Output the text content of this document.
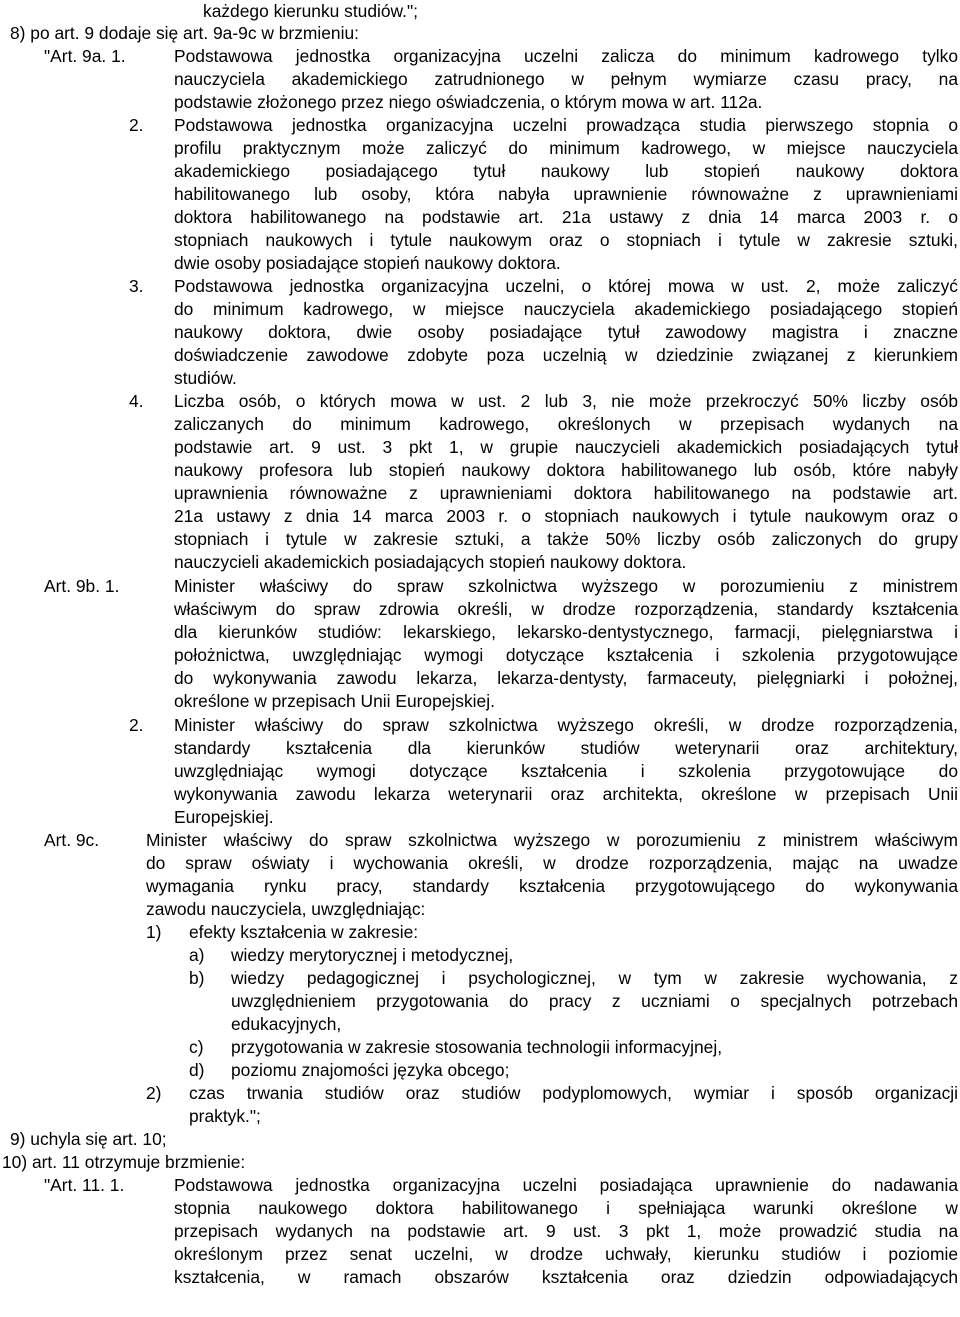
każdego kierunku studiów.";
8) po art. 9 dodaje się art. 9a-9c w brzmieniu:
"Art. 9a. 1.	Podstawowa jednostka organizacyjna uczelni zalicza do minimum kadrowego tylko
nauczyciela akademickiego zatrudnionego w pełnym wymiarze czasu pracy, na
podstawie złożonego przez niego oświadczenia, o którym mowa w art. 112a.
2. Podstawowa jednostka organizacyjna uczelni prowadząca studia pierwszego stopnia o
profilu praktycznym może zaliczyć do minimum kadrowego, w miejsce nauczyciela
akademickiego posiadającego tytuł naukowy lub stopień naukowy doktora
habilitowanego lub osoby, która nabyła uprawnienie równoważne z uprawnieniami
doktora habilitowanego na podstawie art. 21a ustawy z dnia 14 marca 2003 r. o
stopniach naukowych i tytule naukowym oraz o stopniach i tytule w zakresie sztuki,
dwie osoby posiadające stopień naukowy doktora.
3. Podstawowa jednostka organizacyjna uczelni, o której mowa w ust. 2, może zaliczyć
do minimum kadrowego, w miejsce nauczyciela akademickiego posiadającego stopień
naukowy doktora, dwie osoby posiadające tytuł zawodowy magistra i znaczne
doświadczenie zawodowe zdobyte poza uczelnią w dziedzinie związanej z kierunkiem
studiów.
4. Liczba osób, o których mowa w ust. 2 lub 3, nie może przekroczyć 50% liczby osób
zaliczanych do minimum kadrowego, określonych w przepisach wydanych na
podstawie art. 9 ust. 3 pkt 1, w grupie nauczycieli akademickich posiadających tytuł
naukowy profesora lub stopień naukowy doktora habilitowanego lub osób, które nabyły
uprawnienia równoważne z uprawnieniami doktora habilitowanego na podstawie art.
21a ustawy z dnia 14 marca 2003 r. o stopniach naukowych i tytule naukowym oraz o
stopniach i tytule w zakresie sztuki, a także 50% liczby osób zaliczonych do grupy
nauczycieli akademickich posiadających stopień naukowy doktora.
Art. 9b. 1.	Minister właściwy do spraw szkolnictwa wyższego w porozumieniu z ministrem
właściwym do spraw zdrowia określi, w drodze rozporządzenia, standardy kształcenia
dla kierunków studiów: lekarskiego, lekarsko-dentystycznego, farmacji, pielęgniarstwa i
położnictwa, uwzględniając wymogi dotyczące kształcenia i szkolenia przygotowujące
do wykonywania zawodu lekarza, lekarza-dentysty, farmaceuty, pielęgniarki i położnej,
określone w przepisach Unii Europejskiej.
2. Minister właściwy do spraw szkolnictwa wyższego określi, w drodze rozporządzenia,
standardy kształcenia dla kierunków studiów weterynarii oraz architektury,
uwzględniając wymogi dotyczące kształcenia i szkolenia przygotowujące do
wykonywania zawodu lekarza weterynarii oraz architekta, określone w przepisach Unii
Europejskiej.
Art. 9c.	Minister właściwy do spraw szkolnictwa wyższego w porozumieniu z ministrem właściwym
do spraw oświaty i wychowania określi, w drodze rozporządzenia, mając na uwadze
wymagania rynku pracy, standardy kształcenia przygotowującego do wykonywania
zawodu nauczyciela, uwzględniając:
1) efekty kształcenia w zakresie:
a) wiedzy merytorycznej i metodycznej,
b) wiedzy pedagogicznej i psychologicznej, w tym w zakresie wychowania, z
uwzględnieniem przygotowania do pracy z uczniami o specjalnych potrzebach
edukacyjnych,
c) przygotowania w zakresie stosowania technologii informacyjnej,
d) poziomu znajomości języka obcego;
2) czas trwania studiów oraz studiów podyplomowych, wymiar i sposób organizacji
praktyk.";
9) uchyla się art. 10;
10) art. 11 otrzymuje brzmienie:
"Art. 11. 1.	Podstawowa jednostka organizacyjna uczelni posiadająca uprawnienie do nadawania
stopnia naukowego doktora habilitowanego i spełniająca warunki określone w
przepisach wydanych na podstawie art. 9 ust. 3 pkt 1, może prowadzić studia na
określonym przez senat uczelni, w drodze uchwały, kierunku studiów i poziomie
kształcenia, w ramach obszarów kształcenia oraz dziedzin odpowiadających
